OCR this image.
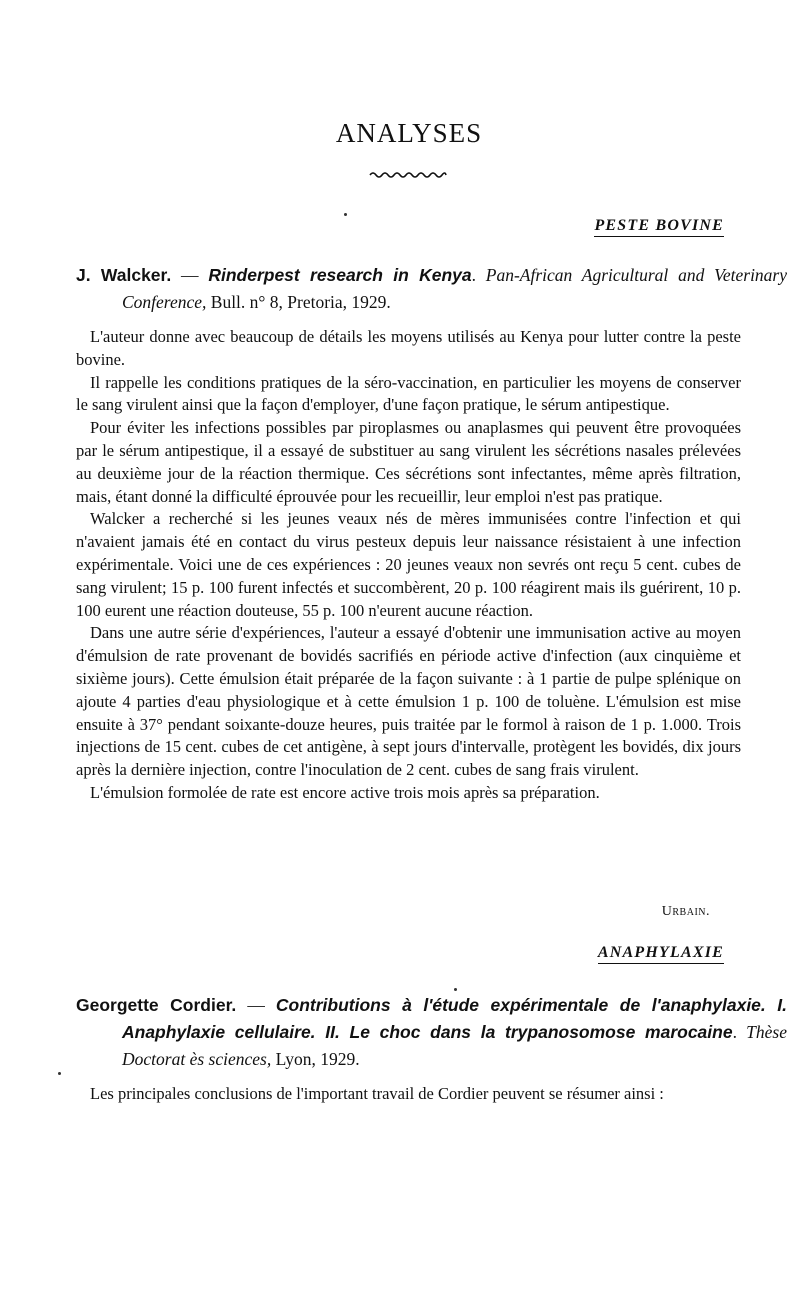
ANALYSES
PESTE BOVINE
J. Walcker. — Rinderpest research in Kenya. Pan-African Agricultural and Veterinary Conference, Bull. n° 8, Pretoria, 1929.

L'auteur donne avec beaucoup de détails les moyens utilisés au Kenya pour lutter contre la peste bovine.

Il rappelle les conditions pratiques de la séro-vaccination, en particulier les moyens de conserver le sang virulent ainsi que la façon d'employer, d'une façon pratique, le sérum antipestique.

Pour éviter les infections possibles par piroplasmes ou anaplasmes qui peuvent être provoquées par le sérum antipestique, il a essayé de substituer au sang virulent les sécrétions nasales prélevées au deuxième jour de la réaction thermique. Ces sécrétions sont infectantes, même après filtration, mais, étant donné la difficulté éprouvée pour les recueillir, leur emploi n'est pas pratique.

Walcker a recherché si les jeunes veaux nés de mères immunisées contre l'infection et qui n'avaient jamais été en contact du virus pesteux depuis leur naissance résistaient à une infection expérimentale. Voici une de ces expériences : 20 jeunes veaux non sevrés ont reçu 5 cent. cubes de sang virulent; 15 p. 100 furent infectés et succombèrent, 20 p. 100 réagirent mais ils guérirent, 10 p. 100 eurent une réaction douteuse, 55 p. 100 n'eurent aucune réaction.

Dans une autre série d'expériences, l'auteur a essayé d'obtenir une immunisation active au moyen d'émulsion de rate provenant de bovidés sacrifiés en période active d'infection (aux cinquième et sixième jours). Cette émulsion était préparée de la façon suivante : à 1 partie de pulpe splénique on ajoute 4 parties d'eau physiologique et à cette émulsion 1 p. 100 de toluène. L'émulsion est mise ensuite à 37° pendant soixante-douze heures, puis traitée par le formol à raison de 1 p. 1.000. Trois injections de 15 cent. cubes de cet antigène, à sept jours d'intervalle, protègent les bovidés, dix jours après la dernière injection, contre l'inoculation de 2 cent. cubes de sang frais virulent.

L'émulsion formolée de rate est encore active trois mois après sa préparation.

Urbain.
ANAPHYLAXIE
Georgette Cordier. — Contributions à l'étude expérimentale de l'anaphylaxie. I. Anaphylaxie cellulaire. II. Le choc dans la trypanosomose marocaine. Thèse Doctorat ès sciences, Lyon, 1929.

Les principales conclusions de l'important travail de Cordier peuvent se résumer ainsi :
